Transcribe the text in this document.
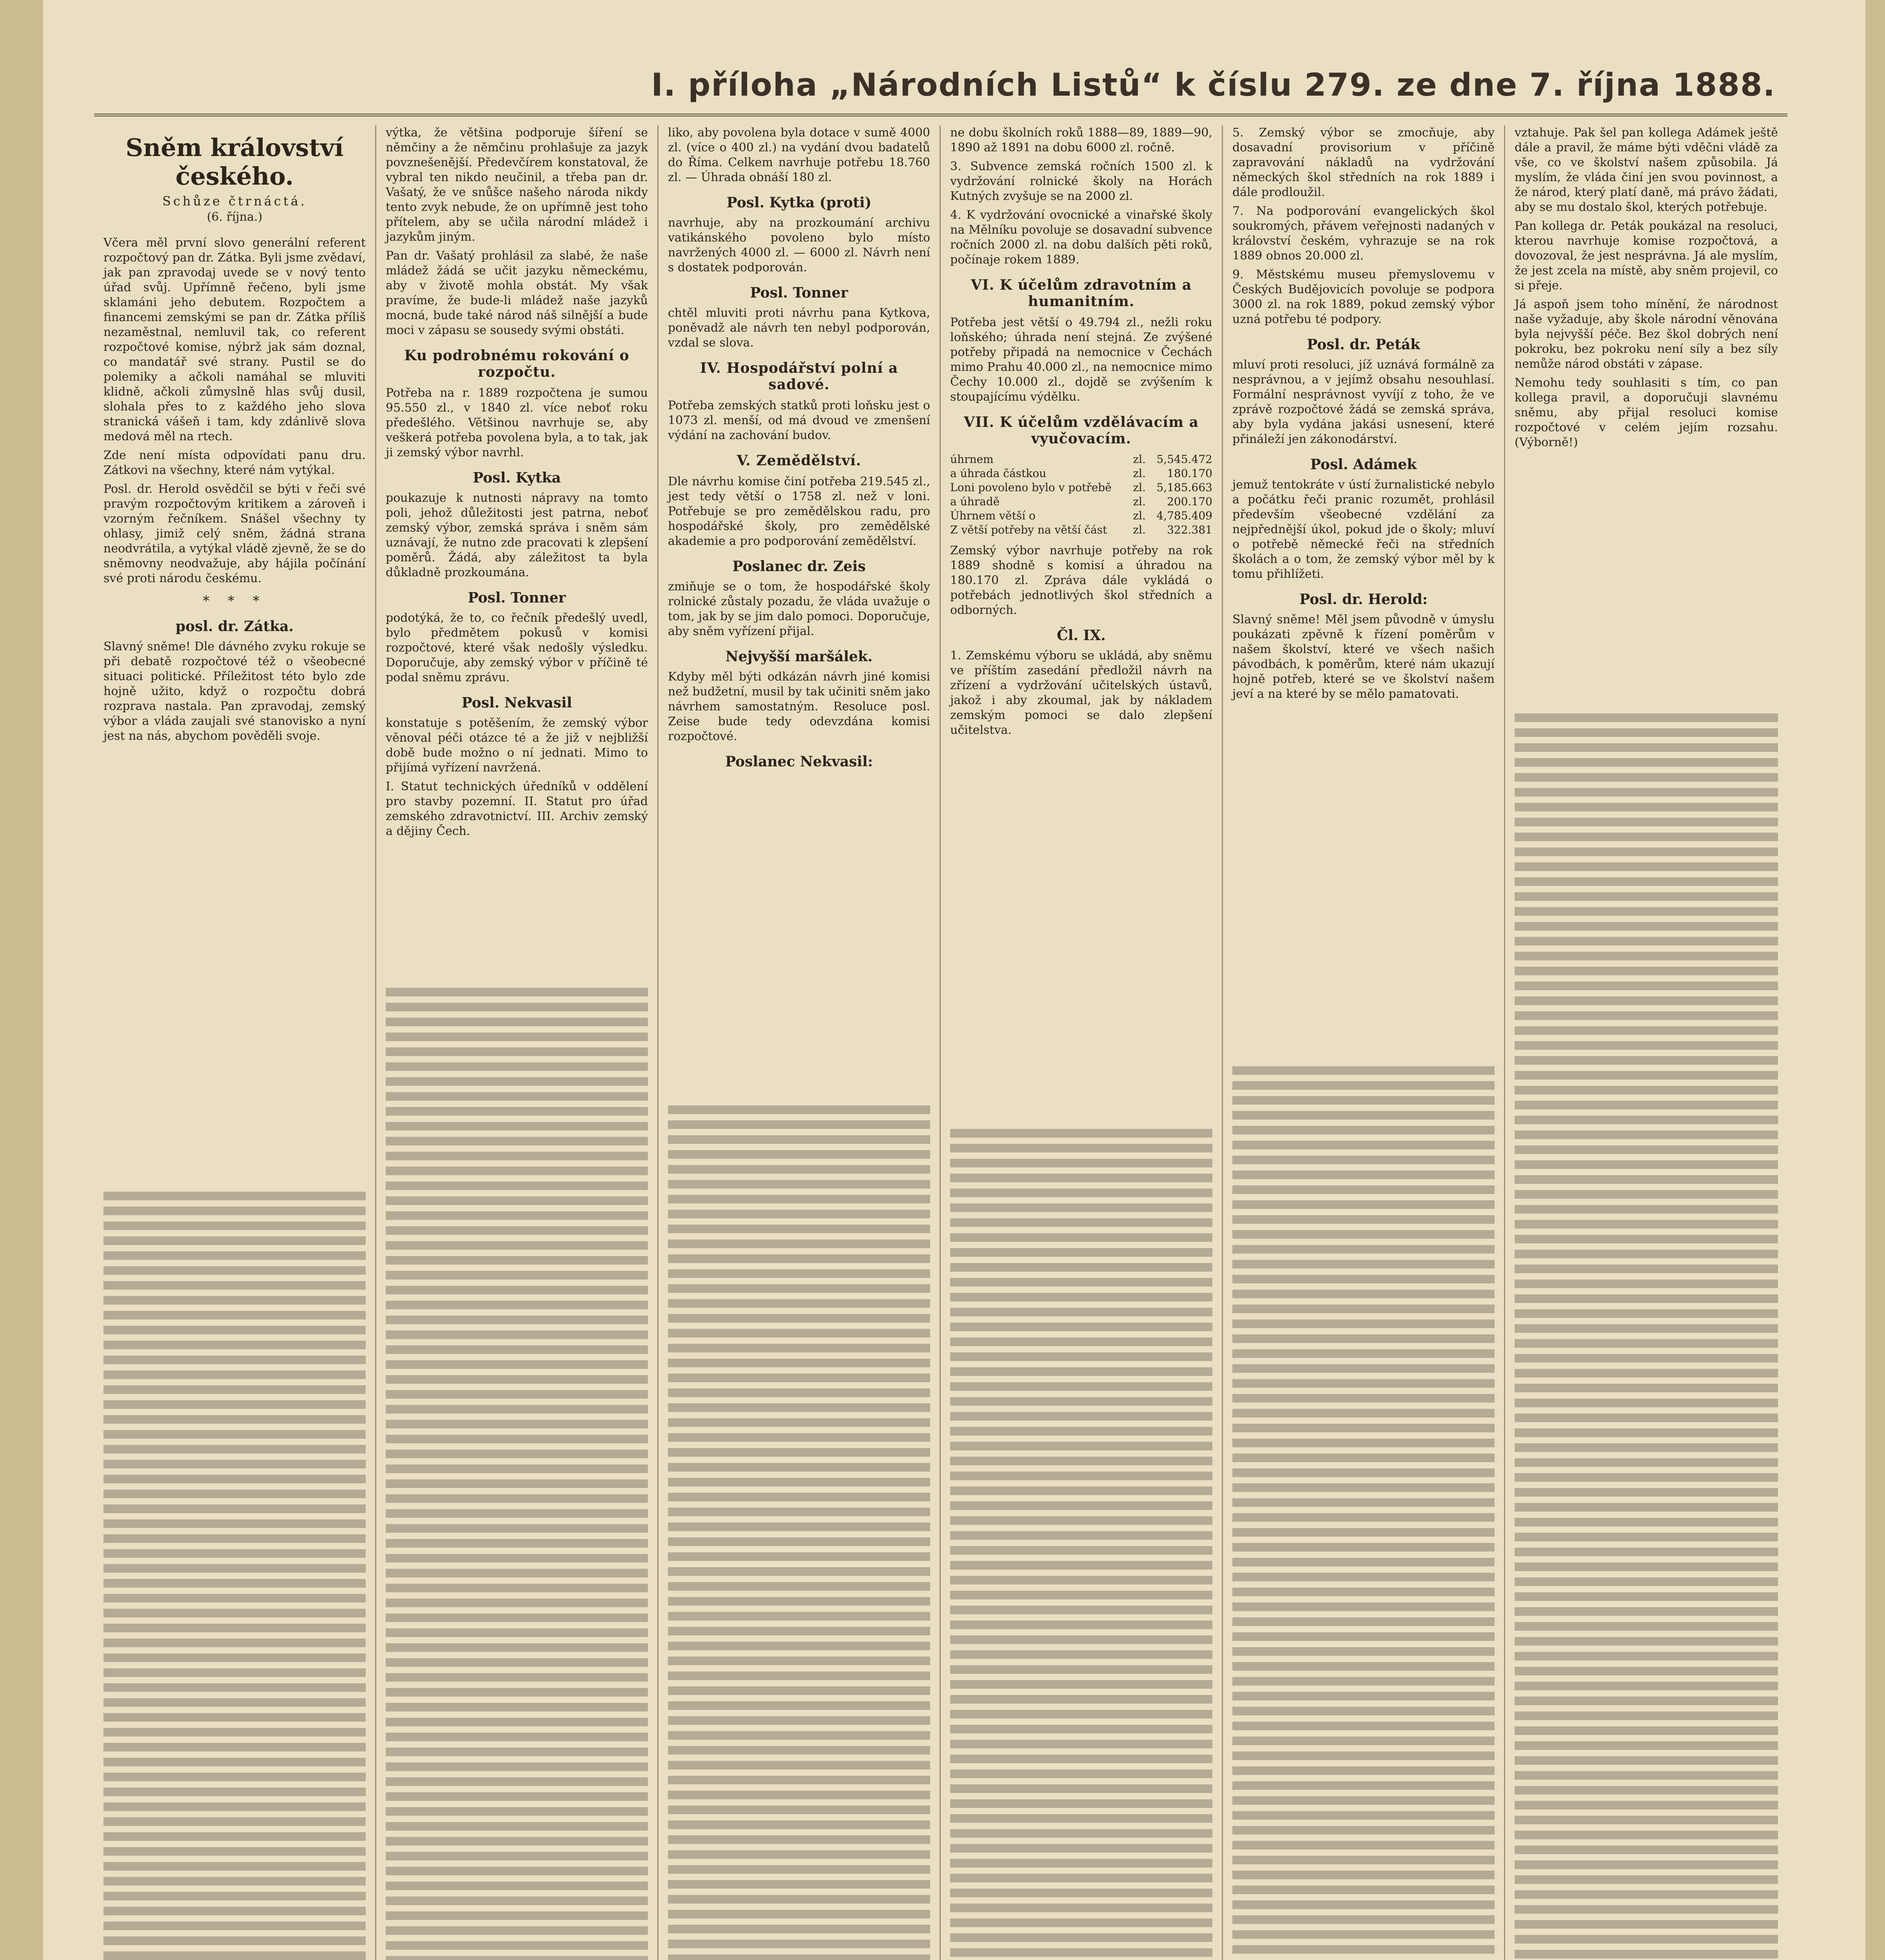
I. příloha „Národních Listů“ k číslu 279. ze dne 7. října 1888.
Sněm království českého.
Schůze čtrnáctá.
(6. října.)

Včera měl první slovo generální referent rozpočtový pan dr. Zátka. Byli jsme zvědaví, jak pan zpravodaj uvede se v nový tento úřad svůj. Upřímně řečeno, byli jsme sklamáni jeho debutem. Rozpočtem a financemi zemskými se pan dr. Zátka příliš nezaměstnal, nemluvil tak, co referent rozpočtové komise, nýbrž jak sám doznal, co mandatář své strany. Pustil se do polemiky a ačkoli namáhal se mluviti klidně, ačkoli zůmyslně hlas svůj dusil, slohala přes to z každého jeho slova stranická vášeň i tam, kdy zdánlivě slova medová měl na rtech.

Zde není místa odpovídati panu dru. Zátkovi na všechny, které nám vytýkal.

Posl. dr. Herold osvědčil se býti v řeči své pravým rozpočtovým kritikem a zároveň i vzorným řečníkem. Snášel všechny ty ohlasy, jimiž celý sněm, žádná strana neodvrátila, a vytýkal vládě zjevně, že se do sněmovny neodvažuje, aby hájila počínání své proti národu českému.

* * *
posl. dr. Zátka.

Slavný sněme! Dle dávného zvyku rokuje se při debatě rozpočtové též o všeobecné situaci politické. Příležitost této bylo zde hojně užito, když o rozpočtu dobrá rozprava nastala. Pan zpravodaj, zemský výbor a vláda zaujali své stanovisko a nyní jest na nás, abychom pověděli svoje.

výtka, že většina podporuje šíření se němčiny a že němčinu prohlašuje za jazyk povznešenější. Předevčírem konstatoval, že vybral ten nikdo neučinil, a třeba pan dr. Vašatý, že ve snůšce našeho národa nikdy tento zvyk nebude, že on upřímně jest toho přítelem, aby se učila národní mládež i jazykům jiným.

Pan dr. Vašatý prohlásil za slabé, že naše mládež žádá se učit jazyku německému, aby v životě mohla obstát. My však pravíme, že bude-li mládež naše jazyků mocná, bude také národ náš silnější a bude moci v zápasu se sousedy svými obstáti.

Ku podrobnému rokování o rozpočtu.

Potřeba na r. 1889 rozpočtena je sumou 95.550 zl., v 1840 zl. více neboť roku předešlého. Většinou navrhuje se, aby veškerá potřeba povolena byla, a to tak, jak ji zemský výbor navrhl.

Posl. Kytka

poukazuje k nutnosti nápravy na tomto poli, jehož důležitosti jest patrna, neboť zemský výbor, zemská správa i sněm sám uznávají, že nutno zde pracovati k zlepšení poměrů. Žádá, aby záležitost ta byla důkladně prozkoumána.

Posl. Tonner

podotýká, že to, co řečník předešlý uvedl, bylo předmětem pokusů v komisi rozpočtové, které však nedošly výsledku. Doporučuje, aby zemský výbor v příčině té podal sněmu zprávu.

Posl. Nekvasil

konstatuje s potěšením, že zemský výbor věnoval péči otázce té a že již v nejbližší době bude možno o ní jednati. Mimo to přijímá vyřízení navržená.

I. Statut technických úředníků v oddělení pro stavby pozemní. II. Statut pro úřad zemského zdravotnictví. III. Archiv zemský a dějiny Čech.

liko, aby povolena byla dotace v sumě 4000 zl. (více o 400 zl.) na vydání dvou badatelů do Říma. Celkem navrhuje potřebu 18.760 zl. — Úhrada obnáší 180 zl.

Posl. Kytka (proti)

navrhuje, aby na prozkoumání archivu vatikánského povoleno bylo místo navržených 4000 zl. — 6000 zl. Návrh není s dostatek podporován.

Posl. Tonner

chtěl mluviti proti návrhu pana Kytkova, poněvadž ale návrh ten nebyl podporován, vzdal se slova.

IV. Hospodářství polní a sadové.

Potřeba zemských statků proti loňsku jest o 1073 zl. menší, od má dvoud ve zmenšení výdání na zachování budov.

V. Zemědělství.

Dle návrhu komise činí potřeba 219.545 zl., jest tedy větší o 1758 zl. než v loni. Potřebuje se pro zemědělskou radu, pro hospodářské školy, pro zemědělské akademie a pro podporování zemědělství.

Poslanec dr. Zeis

zmiňuje se o tom, že hospodářské školy rolnické zůstaly pozadu, že vláda uvažuje o tom, jak by se jim dalo pomoci. Doporučuje, aby sněm vyřízení přijal.

Nejvyšší maršálek.

Kdyby měl býti odkázán návrh jiné komisi než budžetní, musil by tak učiniti sněm jako návrhem samostatným. Resoluce posl. Zeise bude tedy odevzdána komisi rozpočtové.

Poslanec Nekvasil:

ne dobu školních roků 1888—89, 1889—90, 1890 až 1891 na dobu 6000 zl. ročně.

3. Subvence zemská ročních 1500 zl. k vydržování rolnické školy na Horách Kutných zvyšuje se na 2000 zl.

4. K vydržování ovocnické a vinařské školy na Mělníku povoluje se dosavadní subvence ročních 2000 zl. na dobu dalších pěti roků, počínaje rokem 1889.

VI. K účelům zdravotním a humanitním.

Potřeba jest větší o 49.794 zl., nežli roku loňského; úhrada není stejná. Ze zvýšené potřeby připadá na nemocnice v Čechách mimo Prahu 40.000 zl., na nemocnice mimo Čechy 10.000 zl., dojdě se zvýšením k stoupajícímu výdělku.

VII. K účelům vzdělávacím a vyučovacím.
úhrnem	zl. 5,545.472
a úhrada částkou	zl.	180.170
Loni povoleno bylo v potřebě	zl. 5,185.663
a úhradě	zl.	200.170
Úhrnem větší o	zl. 4,785.409
Z větší potřeby na větší část	zl.	322.381

Zemský výbor navrhuje potřeby na rok 1889 shodně s komisí a úhradou na 180.170 zl. Zpráva dále vykládá o potřebách jednotlivých škol středních a odborných.

Čl. IX.

1. Zemskému výboru se ukládá, aby sněmu ve příštím zasedání předložil návrh na zřízení a vydržování učitelských ústavů, jakož i aby zkoumal, jak by nákladem zemským pomoci se dalo zlepšení učitelstva.

5. Zemský výbor se zmocňuje, aby dosavadní provisorium v příčině zapravování nákladů na vydržování německých škol středních na rok 1889 i dále prodloužil.

7. Na podporování evangelických škol soukromých, přávem veřejnosti nadaných v království českém, vyhrazuje se na rok 1889 obnos 20.000 zl.

9. Městskému museu přemyslovemu v Českých Budějovicích povoluje se podpora 3000 zl. na rok 1889, pokud zemský výbor uzná potřebu té podpory.

Posl. dr. Peták

mluví proti resoluci, jíž uznává formálně za nesprávnou, a v jejímž obsahu nesouhlasí. Formální nesprávnost vyvíjí z toho, že ve zprávě rozpočtové žádá se zemská správa, aby byla vydána jakási usnesení, které přináleží jen zákonodárství.

Posl. Adámek

jemuž tentokráte v ústí žurnalistické nebylo a počátku řeči pranic rozumět, prohlásil především všeobecné vzdělání za nejpřednější úkol, pokud jde o školy; mluví o potřebě německé řeči na středních školách a o tom, že zemský výbor měl by k tomu přihlížeti.

Posl. dr. Herold:

Slavný sněme! Měl jsem původně v úmyslu poukázati zpěvně k řízení poměrům v našem školství, které ve všech našich pávodbách, k poměrům, které nám ukazují hojně potřeb, které se ve školství našem jeví a na které by se mělo pamatovati.

vztahuje. Pak šel pan kollega Adámek ještě dále a pravil, že máme býti vděčni vládě za vše, co ve školství našem způsobila. Já myslím, že vláda činí jen svou povinnost, a že národ, který platí daně, má právo žádati, aby se mu dostalo škol, kterých potřebuje.

Pan kollega dr. Peták poukázal na resoluci, kterou navrhuje komise rozpočtová, a dovozoval, že jest nesprávna. Já ale myslím, že jest zcela na místě, aby sněm projevil, co si přeje.

Já aspoň jsem toho mínění, že národnost naše vyžaduje, aby škole národní věnována byla nejvyšší péče. Bez škol dobrých není pokroku, bez pokroku není síly a bez síly nemůže národ obstáti v zápase.

Nemohu tedy souhlasiti s tím, co pan kollega pravil, a doporučuji slavnému sněmu, aby přijal resoluci komise rozpočtové v celém jejím rozsahu. (Výborně!)
